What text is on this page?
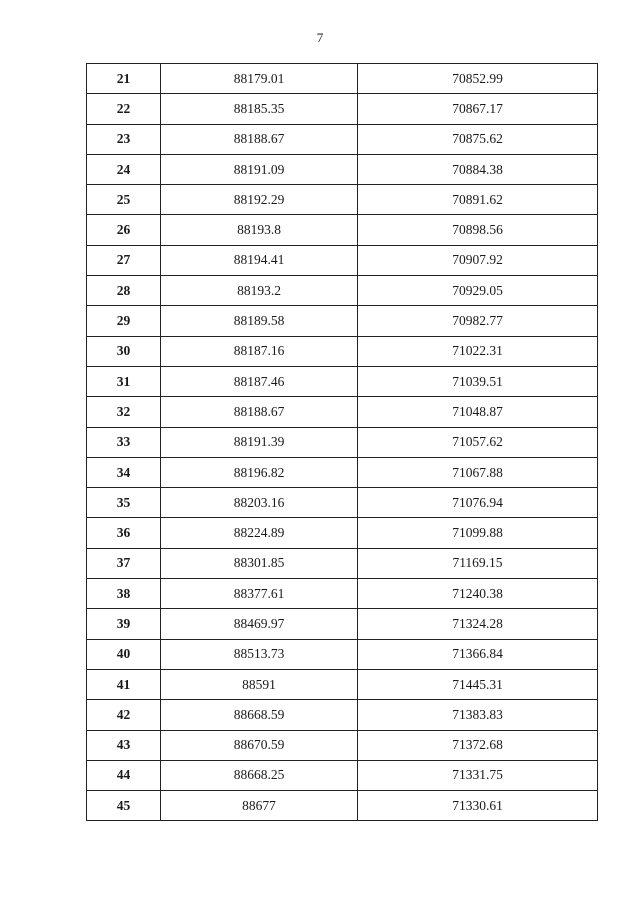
7
21	88179.01	70852.99
22	88185.35	70867.17
23	88188.67	70875.62
24	88191.09	70884.38
25	88192.29	70891.62
26	88193.8	70898.56
27	88194.41	70907.92
28	88193.2	70929.05
29	88189.58	70982.77
30	88187.16	71022.31
31	88187.46	71039.51
32	88188.67	71048.87
33	88191.39	71057.62
34	88196.82	71067.88
35	88203.16	71076.94
36	88224.89	71099.88
37	88301.85	71169.15
38	88377.61	71240.38
39	88469.97	71324.28
40	88513.73	71366.84
41	88591	71445.31
42	88668.59	71383.83
43	88670.59	71372.68
44	88668.25	71331.75
45	88677	71330.61
